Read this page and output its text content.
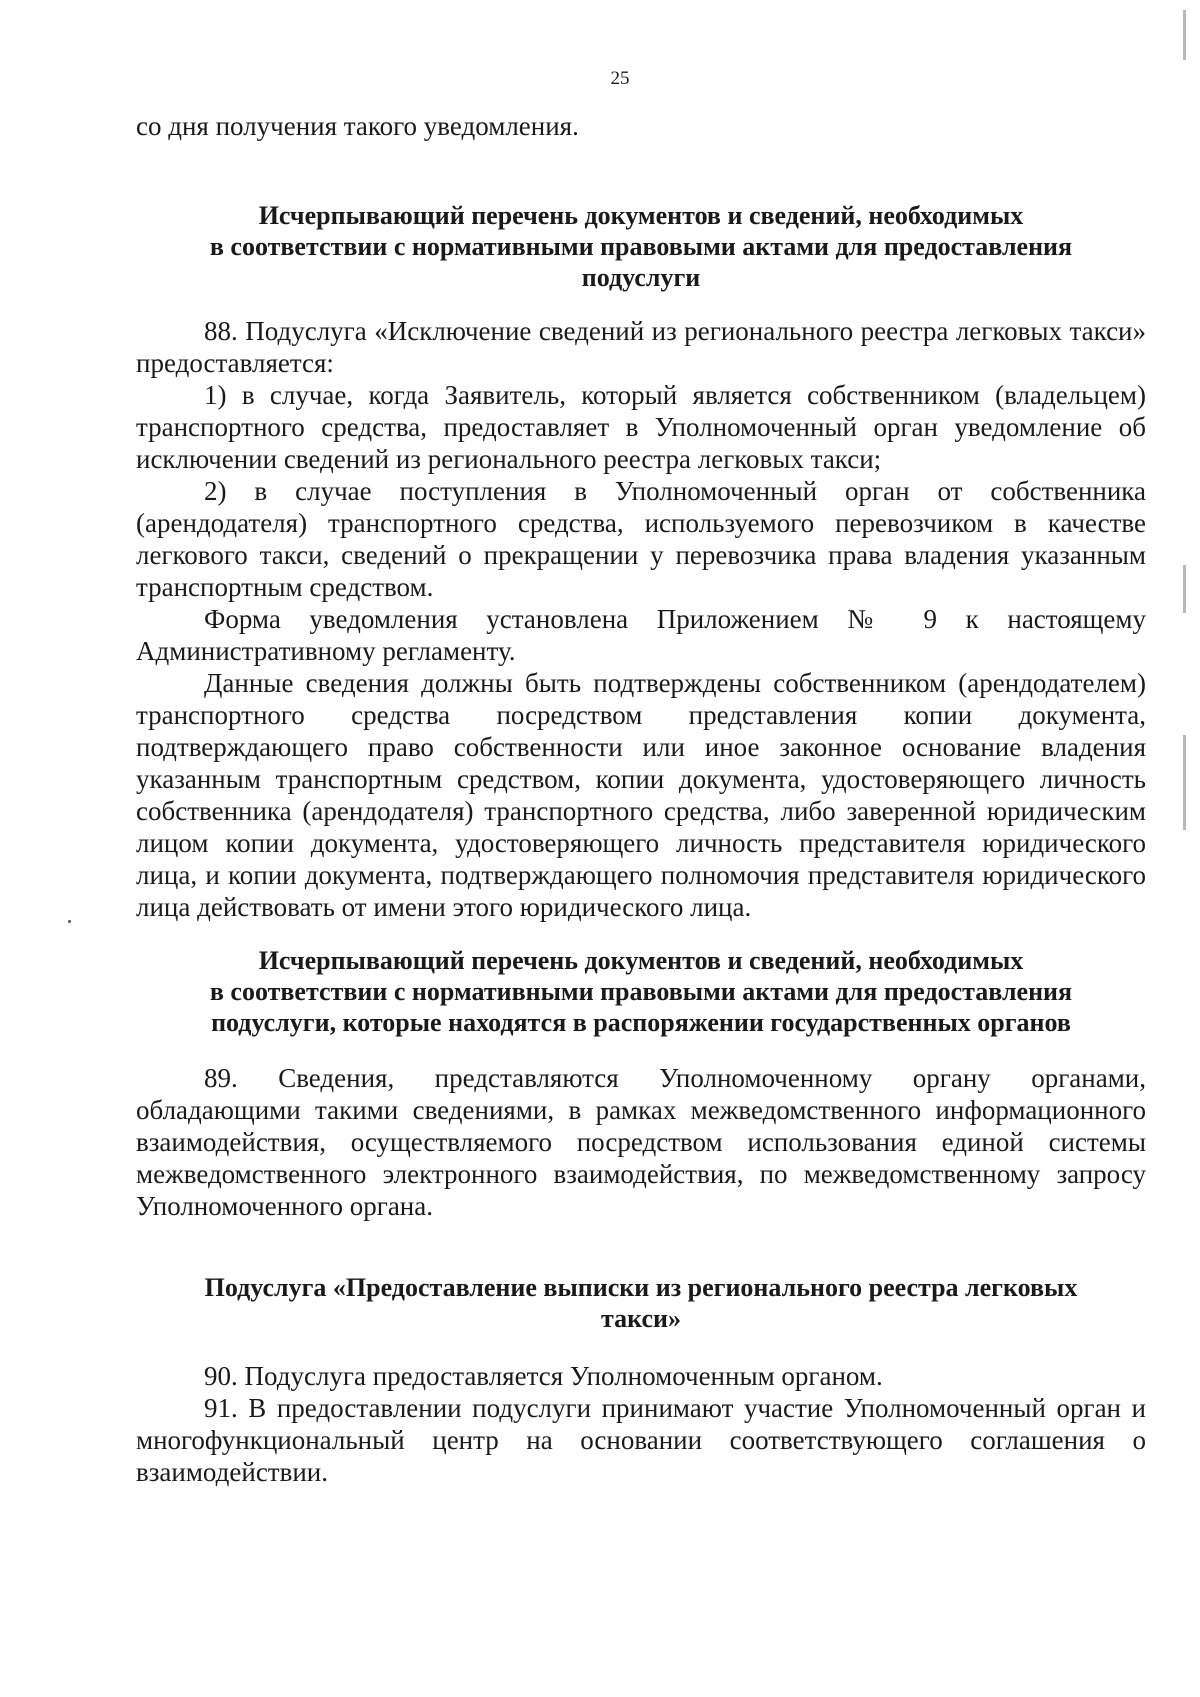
25

со дня получения такого уведомления.

Исчерпывающий перечень документов и сведений, необходимых
в соответствии с нормативными правовыми актами для предоставления
подуслуги

88. Подуслуга «Исключение сведений из регионального реестра легковых такси» предоставляется:

1) в случае, когда Заявитель, который является собственником (владельцем) транспортного средства, предоставляет в Уполномоченный орган уведомление об исключении сведений из регионального реестра легковых такси;

2) в случае поступления в Уполномоченный орган от собственника (арендодателя) транспортного средства, используемого перевозчиком в качестве легкового такси, сведений о прекращении у перевозчика права владения указанным транспортным средством.

Форма уведомления установлена Приложением № 9 к настоящему Административному регламенту.

Данные сведения должны быть подтверждены собственником (арендодателем) транспортного средства посредством представления копии документа, подтверждающего право собственности или иное законное основание владения указанным транспортным средством, копии документа, удостоверяющего личность собственника (арендодателя) транспортного средства, либо заверенной юридическим лицом копии документа, удостоверяющего личность представителя юридического лица, и копии документа, подтверждающего полномочия представителя юридического лица действовать от имени этого юридического лица.

Исчерпывающий перечень документов и сведений, необходимых
в соответствии с нормативными правовыми актами для предоставления
подуслуги, которые находятся в распоряжении государственных органов

89. Сведения, представляются Уполномоченному органу органами, обладающими такими сведениями, в рамках межведомственного информационного взаимодействия, осуществляемого посредством использования единой системы межведомственного электронного взаимодействия, по межведомственному запросу Уполномоченного органа.

Подуслуга «Предоставление выписки из регионального реестра легковых
такси»

90. Подуслуга предоставляется Уполномоченным органом.

91. В предоставлении подуслуги принимают участие Уполномоченный орган и многофункциональный центр на основании соответствующего соглашения о взаимодействии.
